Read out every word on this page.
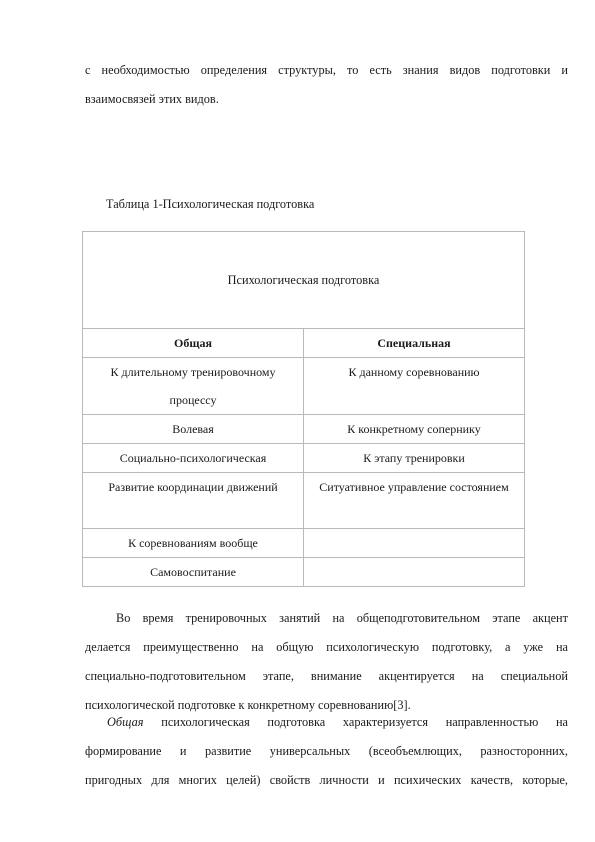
с необходимостью определения структуры, то есть знания видов подготовки и
взаимосвязей этих видов.

Таблица 1-Психологическая подготовка

Психологическая подготовка	
Общая	Специальная
К длительному тренировочному процессу	К данному соревнованию
Волевая	К конкретному сопернику
Социально-психологическая	К этапу тренировки
Развитие координации движений	Ситуативное управление состоянием
К соревнованиям вообще	
Самовоспитание	

Во время тренировочных занятий на общеподготовительном этапе акцент
делается преимущественно на общую психологическую подготовку, а уже на
специально-подготовительном этапе, внимание акцентируется на специальной
психологической подготовке к конкретному соревнованию[3].

Общая психологическая подготовка характеризуется направленностью на
формирование и развитие универсальных (всеобъемлющих, разносторонних,
пригодных для многих целей) свойств личности и психических качеств, которые,
